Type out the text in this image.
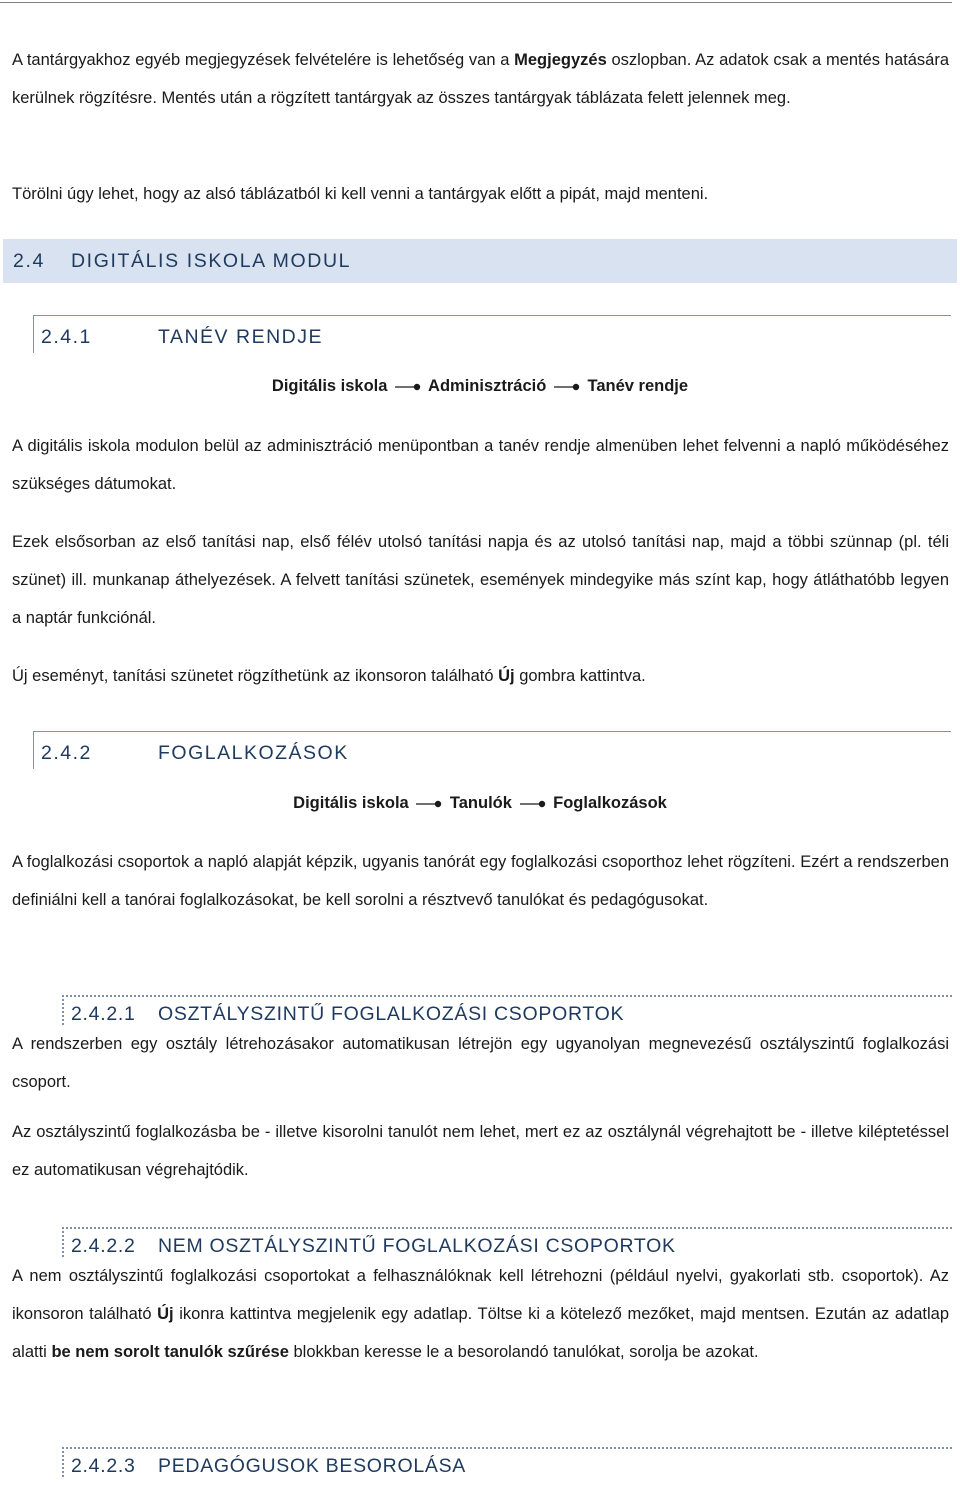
A tantárgyakhoz egyéb megjegyzések felvételére is lehetőség van a Megjegyzés oszlopban. Az adatok csak a mentés hatására kerülnek rögzítésre. Mentés után a rögzített tantárgyak az összes tantárgyak táblázata felett jelennek meg.

Törölni úgy lehet, hogy az alsó táblázatból ki kell venni a tantárgyak előtt a pipát, majd menteni.

2.4 DIGITÁLIS ISKOLA MODUL
2.4.1	TANÉV RENDJE
Digitális iskola Adminisztráció Tanév rendje

A digitális iskola modulon belül az adminisztráció menüpontban a tanév rendje almenüben lehet felvenni a napló működéséhez szükséges dátumokat.

Ezek elsősorban az első tanítási nap, első félév utolsó tanítási napja és az utolsó tanítási nap, majd a többi szünnap (pl. téli szünet) ill. munkanap áthelyezések. A felvett tanítási szünetek, események mindegyike más színt kap, hogy átláthatóbb legyen a naptár funkciónál.

Új eseményt, tanítási szünetet rögzíthetünk az ikonsoron található Új gombra kattintva.

2.4.2	FOGLALKOZÁSOK
Digitális iskola Tanulók Foglalkozások

A foglalkozási csoportok a napló alapját képzik, ugyanis tanórát egy foglalkozási csoporthoz lehet rögzíteni. Ezért a rendszerben definiálni kell a tanórai foglalkozásokat, be kell sorolni a résztvevő tanulókat és pedagógusokat.

2.4.2.1 OSZTÁLYSZINTŰ FOGLALKOZÁSI CSOPORTOK

A rendszerben egy osztály létrehozásakor automatikusan létrejön egy ugyanolyan megnevezésű osztályszintű foglalkozási csoport.

Az osztályszintű foglalkozásba be - illetve kisorolni tanulót nem lehet, mert ez az osztálynál végrehajtott be - illetve kiléptetéssel ez automatikusan végrehajtódik.

2.4.2.2 NEM OSZTÁLYSZINTŰ FOGLALKOZÁSI CSOPORTOK

A nem osztályszintű foglalkozási csoportokat a felhasználóknak kell létrehozni (például nyelvi, gyakorlati stb. csoportok). Az ikonsoron található Új ikonra kattintva megjelenik egy adatlap. Töltse ki a kötelező mezőket, majd mentsen. Ezután az adatlap alatti be nem sorolt tanulók szűrése blokkban keresse le a besorolandó tanulókat, sorolja be azokat.

2.4.2.3 PEDAGÓGUSOK BESOROLÁSA
